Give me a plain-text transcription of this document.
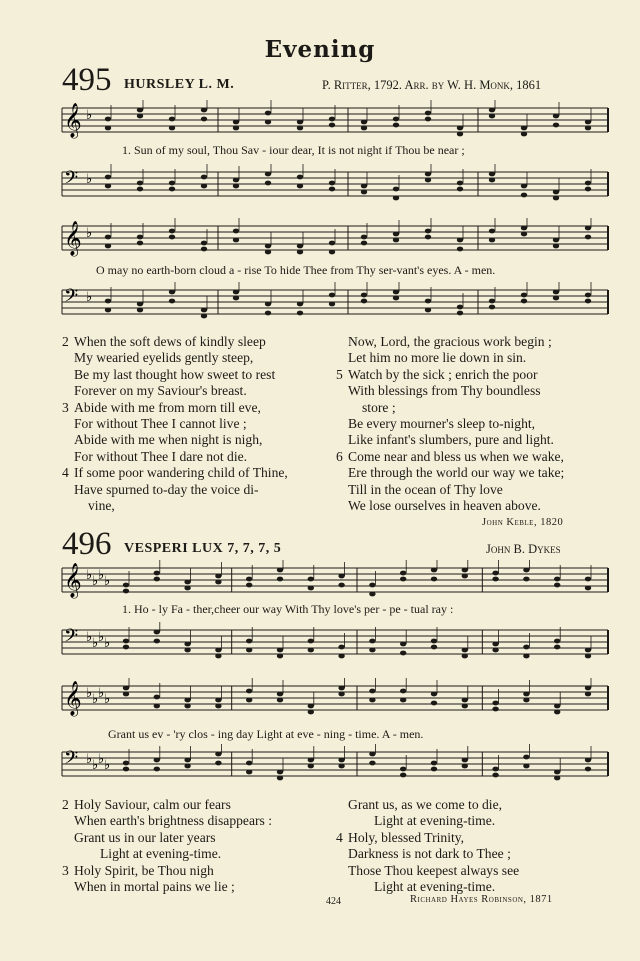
Evening
495 HURSLEY L. M.	P. Ritter, 1792. Arr. by W. H. Monk, 1861
𝄞 ♭
1. Sun of my soul, Thou Sav - iour dear, It is not night if Thou be near ;
𝄢 ♭
𝄞 ♭
O may no earth-born cloud a - rise To hide Thee from Thy ser-vant's eyes. A - men.
𝄢 ♭
2 When the soft dews of kindly sleep
My wearied eyelids gently steep,
Be my last thought how sweet to rest
Forever on my Saviour's breast.
3 Abide with me from morn till eve,
For without Thee I cannot live ;
Abide with me when night is nigh,
For without Thee I dare not die.
4 If some poor wandering child of Thine,
Have spurned to-day the voice di-
vine,
Now, Lord, the gracious work begin ;
Let him no more lie down in sin.
5 Watch by the sick ; enrich the poor
With blessings from Thy boundless
store ;
Be every mourner's sleep to-night,
Like infant's slumbers, pure and light.
6 Come near and bless us when we wake,
Ere through the world our way we take;
Till in the ocean of Thy love
We lose ourselves in heaven above.
John Keble, 1820
496 VESPERI LUX 7, 7, 7, 5	John B. Dykes
𝄞 ♭ ♭ ♭ ♭
1. Ho - ly Fa - ther,cheer our way With Thy love's per - pe - tual ray :
𝄢 ♭ ♭ ♭ ♭
𝄞 ♭ ♭ ♭ ♭
Grant us ev - 'ry clos - ing day Light at eve - ning - time. A - men.
𝄢 ♭ ♭ ♭ ♭
2 Holy Saviour, calm our fears
When earth's brightness disappears :
Grant us in our later years
Light at evening-time.
3 Holy Spirit, be Thou nigh
When in mortal pains we lie ;
Grant us, as we come to die,
Light at evening-time.
4 Holy, blessed Trinity,
Darkness is not dark to Thee ;
Those Thou keepest always see
Light at evening-time.
424	Richard Hayes Robinson, 1871
